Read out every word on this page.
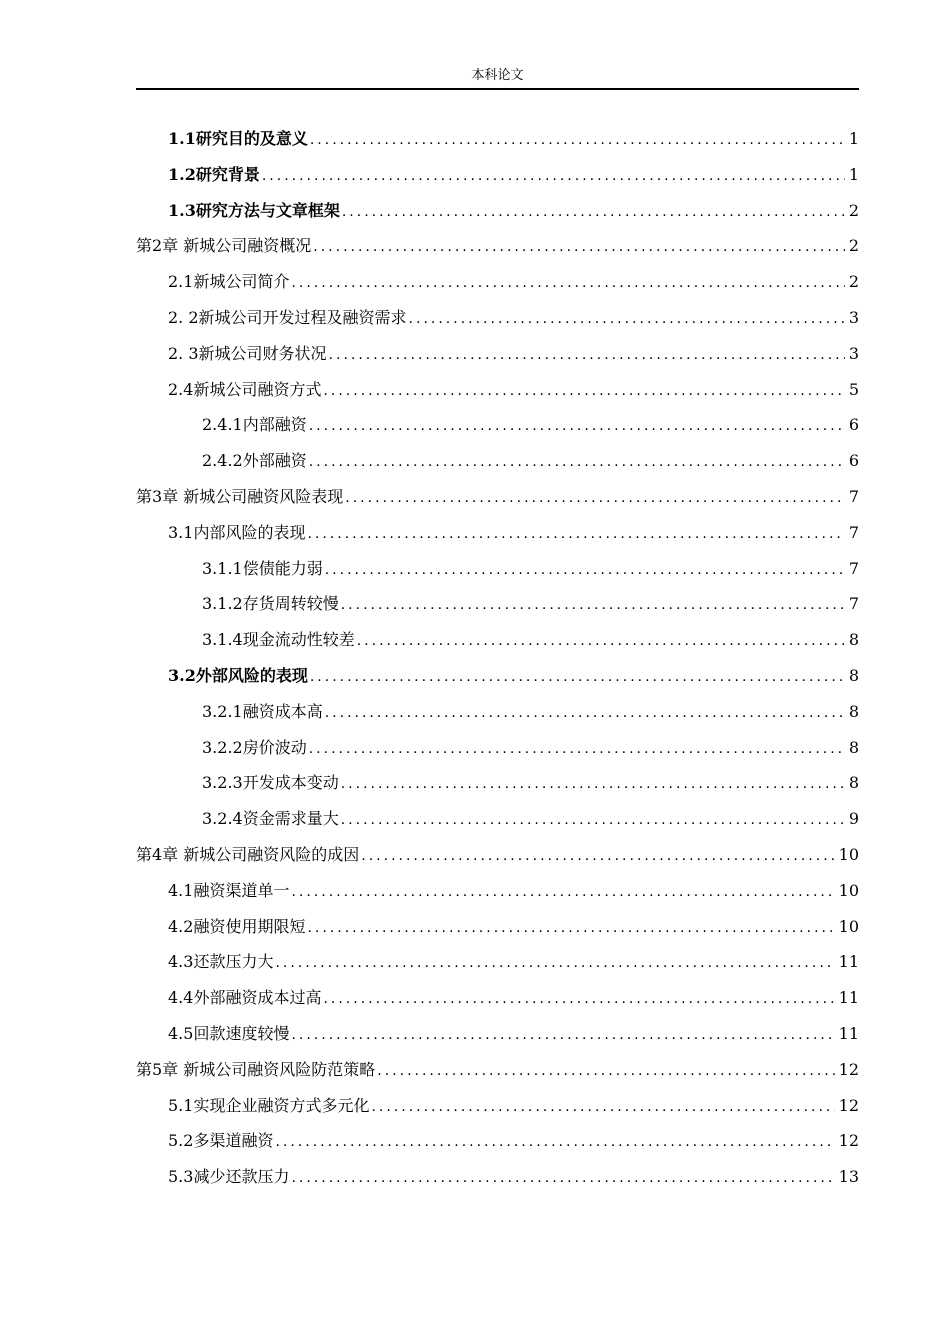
本科论文
1.1研究目的及意义 .....	1
1.2研究背景 .....	1
1.3研究方法与文章框架 .....	2
第2章 新城公司融资概况 .....	2
2.1新城公司简介 .....	2
2. 2新城公司开发过程及融资需求 .....	3
2. 3新城公司财务状况 .....	3
2.4新城公司融资方式 .....	5
2.4.1内部融资 .....	6
2.4.2外部融资 .....	6
第3章 新城公司融资风险表现 .....	7
3.1内部风险的表现 .....	7
3.1.1偿债能力弱 .....	7
3.1.2存货周转较慢 .....	7
3.1.4现金流动性较差 .....	8
3.2外部风险的表现 .....	8
3.2.1融资成本高 .....	8
3.2.2房价波动 .....	8
3.2.3开发成本变动 .....	8
3.2.4资金需求量大 .....	9
第4章 新城公司融资风险的成因 .....	10
4.1融资渠道单一 .....	10
4.2融资使用期限短 .....	10
4.3还款压力大 .....	11
4.4外部融资成本过高 .....	11
4.5回款速度较慢 .....	11
第5章 新城公司融资风险防范策略 .....	12
5.1实现企业融资方式多元化 .....	12
5.2多渠道融资 .....	12
5.3减少还款压力 .....	13
